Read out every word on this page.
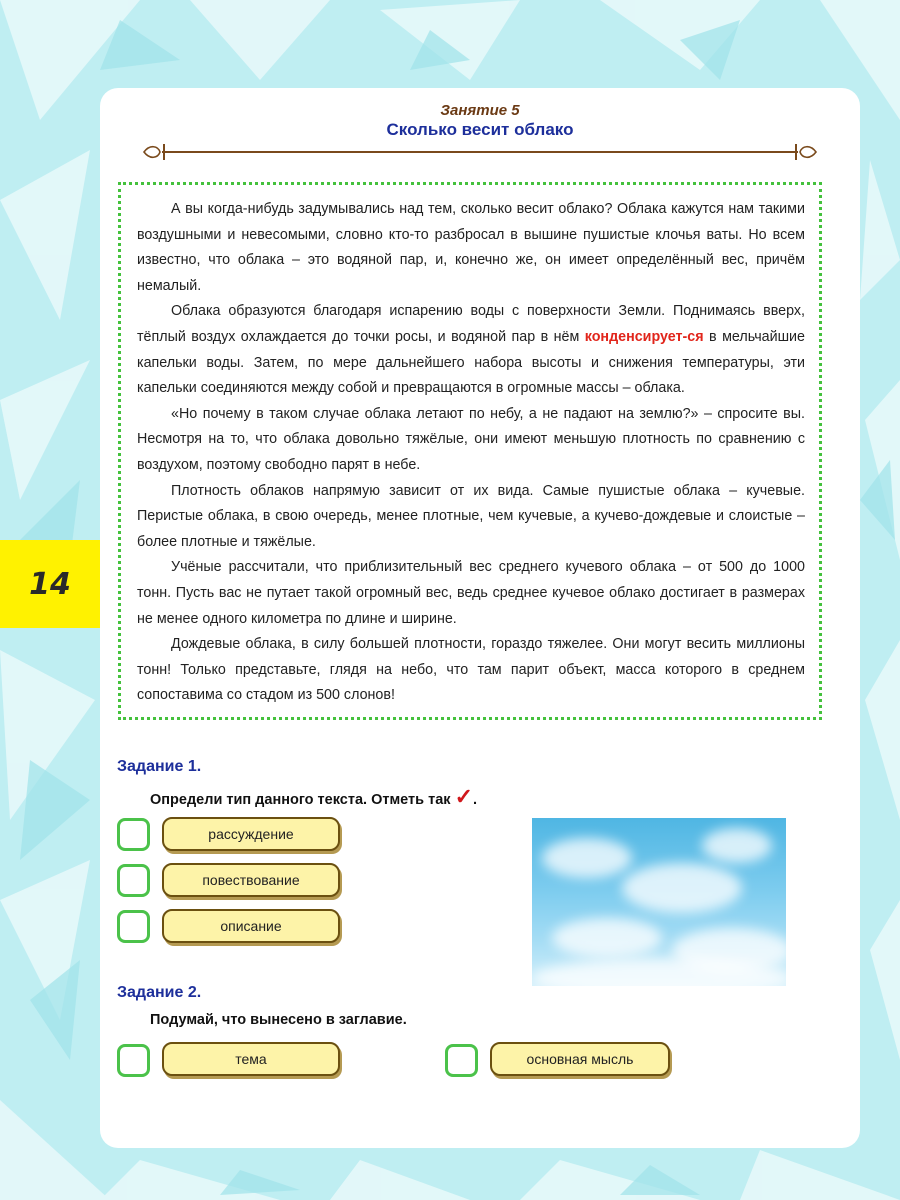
14
Занятие 5
Сколько весит облако

А вы когда-нибудь задумывались над тем, сколько весит облако? Облака кажутся нам такими воздушными и невесомыми, словно кто-то разбросал в вышине пушистые клочья ваты. Но всем известно, что облака – это водяной пар, и, конечно же, он имеет определённый вес, причём немалый.

Облака образуются благодаря испарению воды с поверхности Земли. Поднимаясь вверх, тёплый воздух охлаждается до точки росы, и водяной пар в нём конденсирует-ся в мельчайшие капельки воды. Затем, по мере дальнейшего набора высоты и снижения температуры, эти капельки соединяются между собой и превращаются в огромные массы – облака.

«Но почему в таком случае облака летают по небу, а не падают на землю?» – спросите вы. Несмотря на то, что облака довольно тяжёлые, они имеют меньшую плотность по сравнению с воздухом, поэтому свободно парят в небе.

Плотность облаков напрямую зависит от их вида. Самые пушистые облака – кучевые. Перистые облака, в свою очередь, менее плотные, чем кучевые, а кучево-дождевые и слоистые – более плотные и тяжёлые.

Учёные рассчитали, что приблизительный вес среднего кучевого облака – от 500 до 1000 тонн. Пусть вас не путает такой огромный вес, ведь среднее кучевое облако достигает в размерах не менее одного километра по длине и ширине.

Дождевые облака, в силу большей плотности, гораздо тяжелее. Они могут весить миллионы тонн! Только представьте, глядя на небо, что там парит объект, масса которого в среднем сопоставима со стадом из 500 слонов!

Задание 1.
Определи тип данного текста. Отметь так ✓.
рассуждение
повествование
описание
Задание 2.
Подумай, что вынесено в заглавие.
тема	основная мысль
